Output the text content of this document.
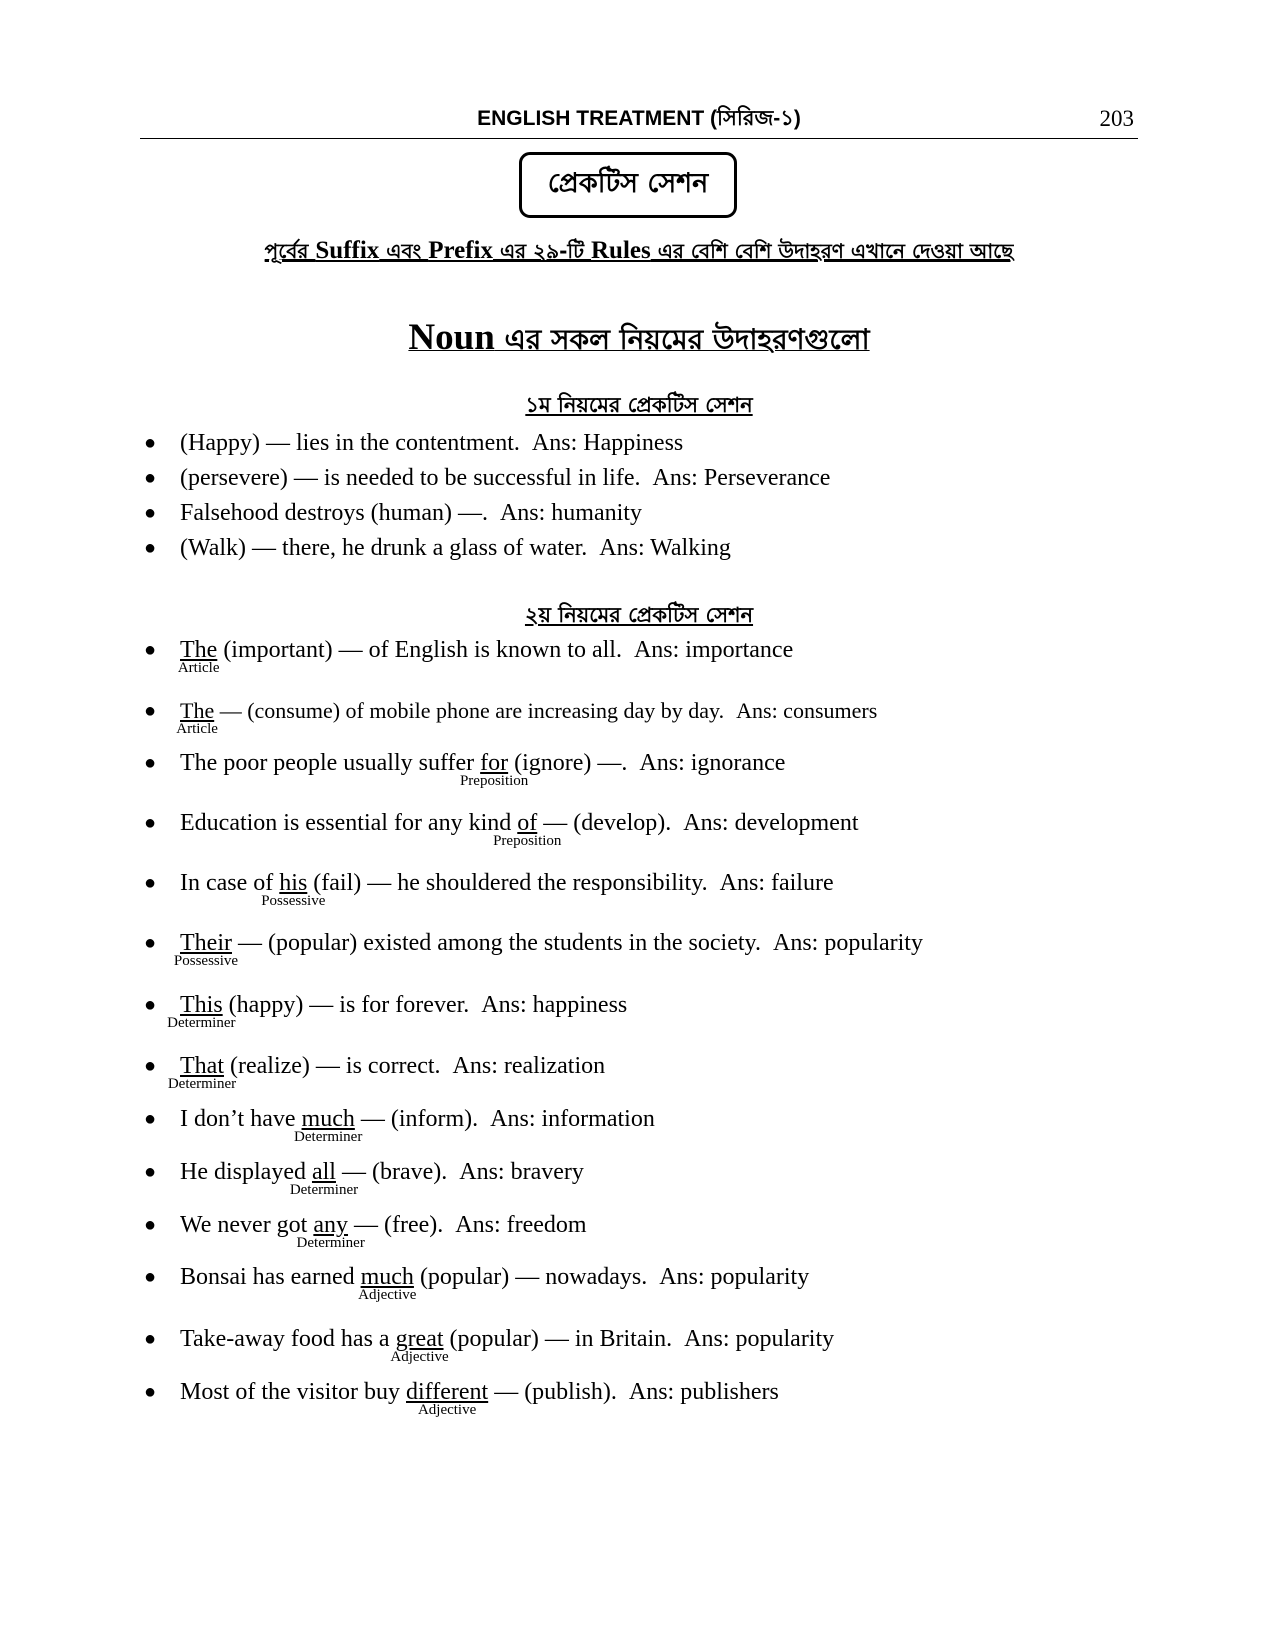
ENGLISH TREATMENT (সিরিজ-১)	203
প্রেকটিস সেশন
পূর্বের Suffix এবং Prefix এর ২৯-টি Rules এর বেশি বেশি উদাহরণ এখানে দেওয়া আছে
Noun এর সকল নিয়মের উদাহরণগুলো
১ম নিয়মের প্রেকটিস সেশন
● (Happy) — lies in the contentment. Ans: Happiness
● (persevere) — is needed to be successful in life. Ans: Perseverance
● Falsehood destroys (human) —. Ans: humanity
● (Walk) — there, he drunk a glass of water. Ans: Walking
২য় নিয়মের প্রেকটিস সেশন
● The
Article
(important) — of English is known to all. Ans: importance
● The
Article
— (consume) of mobile phone are increasing day by day. Ans: consumers
● The poor people usually suffer for
Preposition
(ignore) —. Ans: ignorance
● Education is essential for any kind of
Preposition
— (develop). Ans: development
● In case of his
Possessive
(fail) — he shouldered the responsibility. Ans: failure
● Their
Possessive
— (popular) existed among the students in the society. Ans: popularity
● This
Determiner
(happy) — is for forever. Ans: happiness
● That
Determiner
(realize) — is correct. Ans: realization
● I don’t have much
Determiner
— (inform). Ans: information
● He displayed all
Determiner
— (brave). Ans: bravery
● We never got any
Determiner
— (free). Ans: freedom
● Bonsai has earned much
Adjective
(popular) — nowadays. Ans: popularity
● Take-away food has a great
Adjective
(popular) — in Britain. Ans: popularity
● Most of the visitor buy different
Adjective
— (publish). Ans: publishers
